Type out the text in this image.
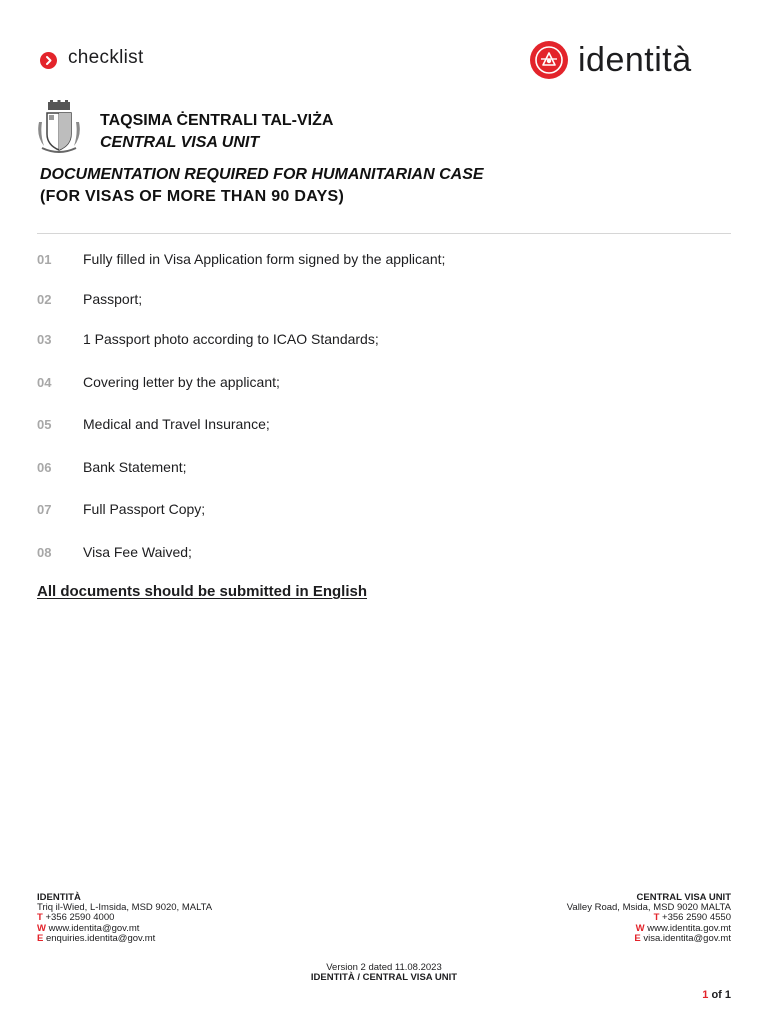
checklist	identità
TAQSIMA ĊENTRALI TAL-VIŻA
CENTRAL VISA UNIT
DOCUMENTATION REQUIRED FOR HUMANITARIAN CASE
(FOR VISAS OF MORE THAN 90 DAYS)
01 Fully filled in Visa Application form signed by the applicant;
02 Passport;
03 1 Passport photo according to ICAO Standards;
04 Covering letter by the applicant;
05 Medical and Travel Insurance;
06 Bank Statement;
07 Full Passport Copy;
08 Visa Fee Waived;
All documents should be submitted in English
IDENTITÀ
Triq il-Wied, L-Imsida, MSD 9020, MALTA
T +356 2590 4000
W www.identita@gov.mt
E enquiries.identita@gov.mt
CENTRAL VISA UNIT
Valley Road, Msida, MSD 9020 MALTA
T +356 2590 4550
W www.identita.gov.mt
E visa.identita@gov.mt
Version 2 dated 11.08.2023
IDENTITÀ / CENTRAL VISA UNIT
1 of 1
